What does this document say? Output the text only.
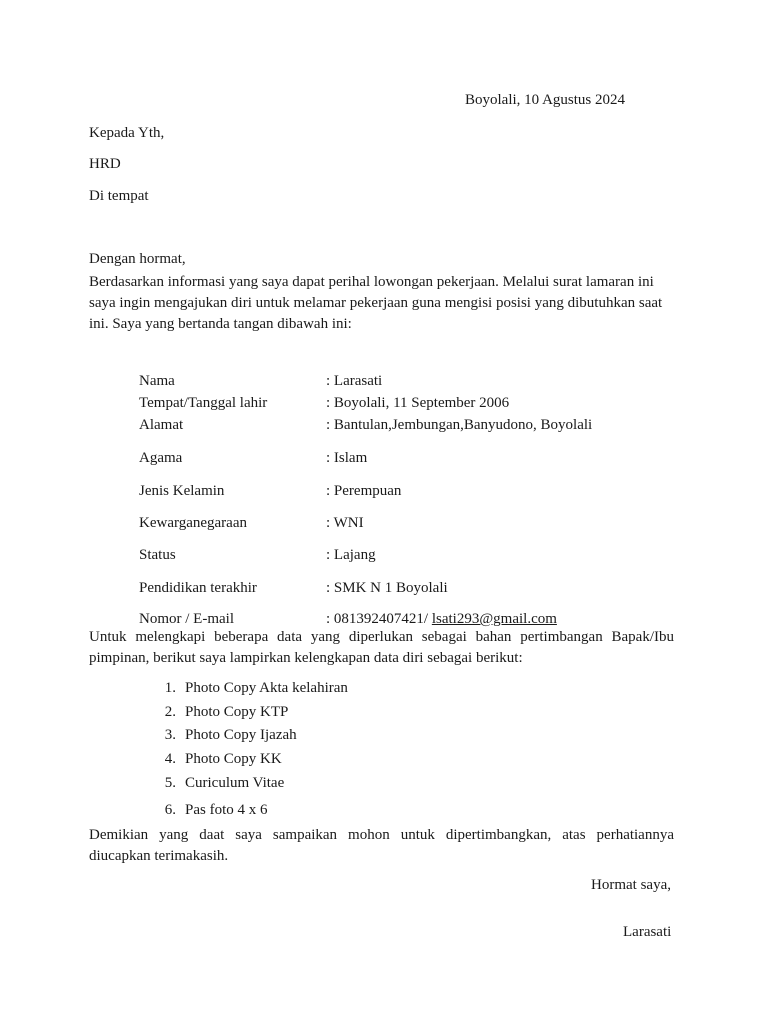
Boyolali, 10 Agustus 2024
Kepada Yth,
HRD
Di tempat
Dengan hormat,
Berdasarkan informasi yang saya dapat perihal lowongan pekerjaan. Melalui surat lamaran ini
saya ingin mengajukan diri untuk melamar pekerjaan guna mengisi posisi yang dibutuhkan saat
ini. Saya yang bertanda tangan dibawah ini:
Nama	: Larasati
Tempat/Tanggal lahir	: Boyolali, 11 September 2006
Alamat	: Bantulan,Jembungan,Banyudono, Boyolali
Agama	: Islam
Jenis Kelamin	: Perempuan
Kewarganegaraan	: WNI
Status	: Lajang
Pendidikan terakhir	: SMK N 1 Boyolali
Nomor / E-mail	: 081392407421/ lsati293@gmail.com
Untuk melengkapi beberapa data yang diperlukan sebagai bahan pertimbangan Bapak/Ibu
pimpinan, berikut saya lampirkan kelengkapan data diri sebagai berikut:
1. Photo Copy Akta kelahiran
2. Photo Copy KTP
3. Photo Copy Ijazah
4. Photo Copy KK
5. Curiculum Vitae
6. Pas foto 4 x 6
Demikian yang daat saya sampaikan mohon untuk dipertimbangkan, atas perhatiannya
diucapkan terimakasih.
Hormat saya,
Larasati
